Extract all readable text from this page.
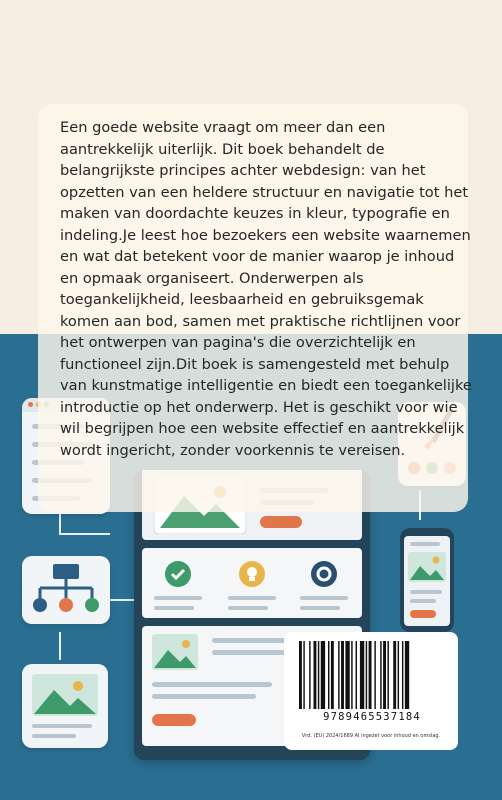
Een goede website vraagt om meer dan een aantrekkelijk uiterlijk. Dit boek behandelt de belangrijkste principes achter webdesign: van het opzetten van een heldere structuur en navigatie tot het maken van doordachte keuzes in kleur, typografie en indeling.Je leest hoe bezoekers een website waarnemen en wat dat betekent voor de manier waarop je inhoud en opmaak organiseert. Onderwerpen als toegankelijkheid, leesbaarheid en gebruiksgemak komen aan bod, samen met praktische richtlijnen voor het ontwerpen van pagina's die overzichtelijk en functioneel zijn.Dit boek is samengesteld met behulp van kunstmatige intelligentie en biedt een toegankelijke introductie op het onderwerp. Het is geschikt voor wie wil begrijpen hoe een website effectief en aantrekkelijk wordt ingericht, zonder voorkennis te vereisen.

9789465537184

Vrd. (EU) 2024/1689 AI ingezet voor inhoud en omslag.
